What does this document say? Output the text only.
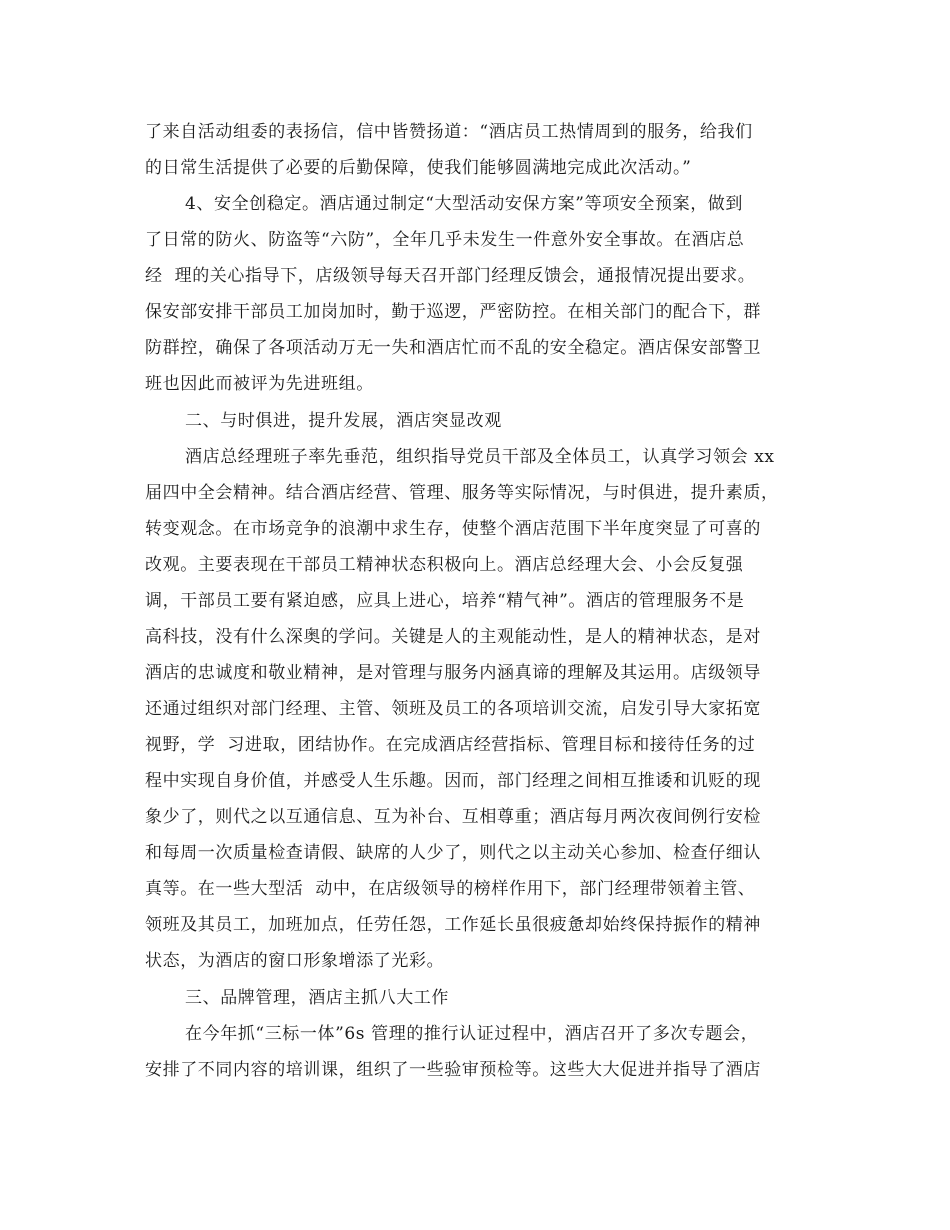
了来自活动组委的表扬信，信中皆赞扬道：“酒店员工热情周到的服务，给我们

的日常生活提供了必要的后勤保障，使我们能够圆满地完成此次活动。”

4、安全创稳定。酒店通过制定“大型活动安保方案”等项安全预案，做到

了日常的防火、防盗等“六防”，全年几乎未发生一件意外安全事故。在酒店总

经  理的关心指导下，店级领导每天召开部门经理反馈会，通报情况提出要求。

保安部安排干部员工加岗加时，勤于巡逻，严密防控。在相关部门的配合下，群

防群控，确保了各项活动万无一失和酒店忙而不乱的安全稳定。酒店保安部警卫

班也因此而被评为先进班组。

二、与时俱进，提升发展，酒店突显改观

酒店总经理班子率先垂范，组织指导党员干部及全体员工，认真学习领会 xx

届四中全会精神。结合酒店经营、管理、服务等实际情况，与时俱进，提升素质，

转变观念。在市场竞争的浪潮中求生存，使整个酒店范围下半年度突显了可喜的

改观。主要表现在干部员工精神状态积极向上。酒店总经理大会、小会反复强

调，干部员工要有紧迫感，应具上进心，培养“精气神”。酒店的管理服务不是

高科技，没有什么深奥的学问。关键是人的主观能动性，是人的精神状态，是对

酒店的忠诚度和敬业精神，是对管理与服务内涵真谛的理解及其运用。店级领导

还通过组织对部门经理、主管、领班及员工的各项培训交流，启发引导大家拓宽

视野，学  习进取，团结协作。在完成酒店经营指标、管理目标和接待任务的过

程中实现自身价值，并感受人生乐趣。因而，部门经理之间相互推诿和讥贬的现

象少了，则代之以互通信息、互为补台、互相尊重；酒店每月两次夜间例行安检

和每周一次质量检查请假、缺席的人少了，则代之以主动关心参加、检查仔细认

真等。在一些大型活  动中，在店级领导的榜样作用下，部门经理带领着主管、

领班及其员工，加班加点，任劳任怨，工作延长虽很疲惫却始终保持振作的精神

状态，为酒店的窗口形象增添了光彩。

三、品牌管理，酒店主抓八大工作

在今年抓“三标一体”6s 管理的推行认证过程中，酒店召开了多次专题会，

安排了不同内容的培训课，组织了一些验审预检等。这些大大促进并指导了酒店
